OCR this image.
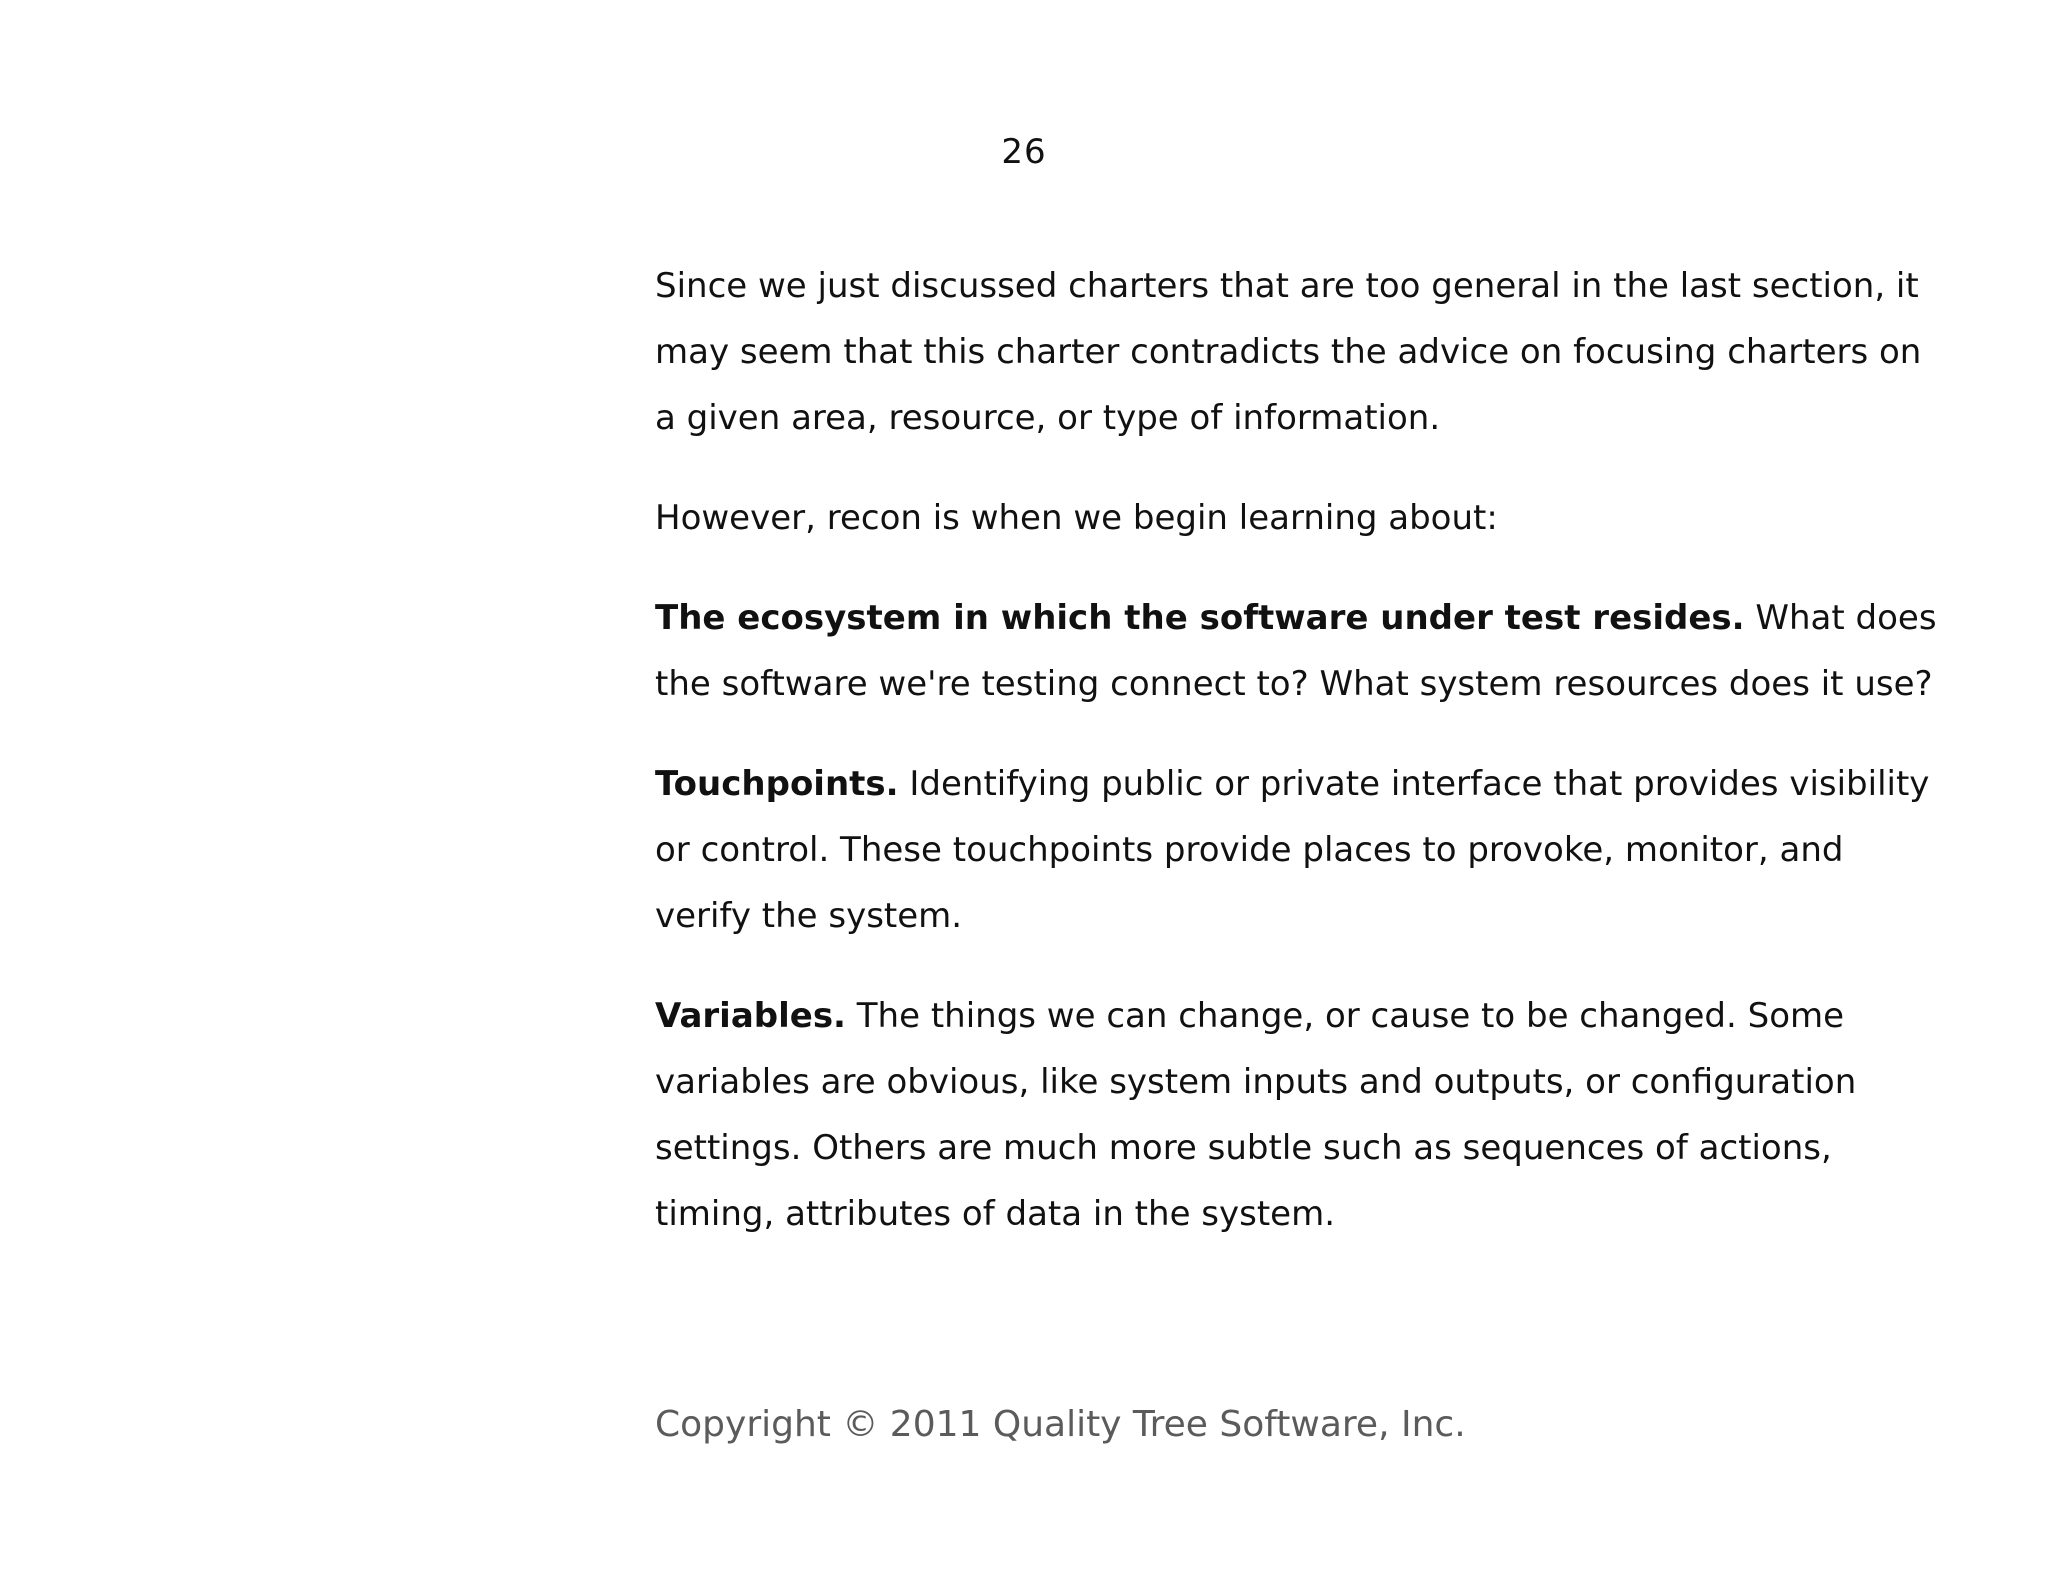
26

Since we just discussed charters that are too general in the last section, it may seem that this charter contradicts the advice on focusing charters on a given area, resource, or type of information.

However, recon is when we begin learning about:

The ecosystem in which the software under test resides. What does the software we're testing connect to? What system resources does it use?

Touchpoints. Identifying public or private interface that provides visibility or control. These touchpoints provide places to provoke, monitor, and verify the system.

Variables. The things we can change, or cause to be changed. Some variables are obvious, like system inputs and outputs, or configuration settings. Others are much more subtle such as sequences of actions, timing, attributes of data in the system.

Copyright © 2011 Quality Tree Software, Inc.
